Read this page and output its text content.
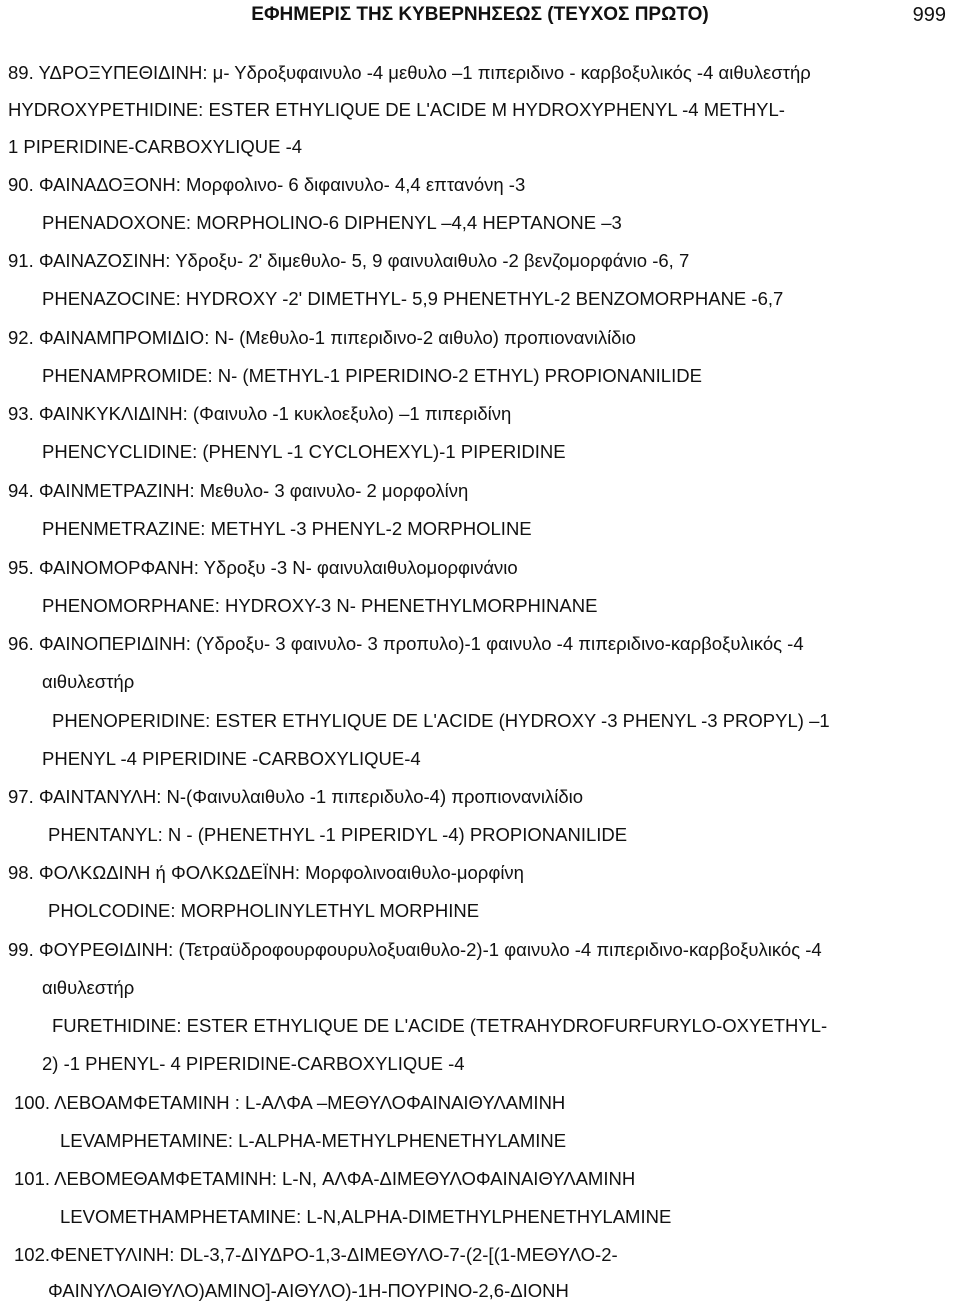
ΕΦΗΜΕΡΙΣ ΤΗΣ ΚΥΒΕΡΝΗΣΕΩΣ (ΤΕΥΧΟΣ ΠΡΩΤΟ)	999
89. ΥΔΡΟΞΥΠΕΘΙΔΙΝΗ: μ- Υδροξυφαινυλο -4 μεθυλο –1 πιπεριδινο - καρβοξυλικός -4 αιθυλεστήρ
HYDROXYPETHIDINE: ESTER ETHYLIQUE DE L'ACIDE M HYDROXYPHENYL -4 METHYL-
1 PIPERIDINE-CARBOXYLIQUE -4
90. ΦΑΙΝΑΔΟΞΟΝΗ: Μορφολινο- 6 διφαινυλο- 4,4 επτανόνη -3
PHENADOXONE: MORPHOLINO-6 DIPHENYL –4,4 HEPTANONE –3
91. ΦΑΙΝΑΖΟΣΙΝΗ: Υδροξυ- 2' διμεθυλο- 5, 9 φαινυλαιθυλο -2 βενζομορφάνιο -6, 7
PHENAZOCINE: HYDROXY -2' DIMETHYL- 5,9 PHENETHYL-2 BENZOMORPHANE -6,7
92. ΦΑΙΝΑΜΠΡΟΜΙΔΙΟ: Ν- (Μεθυλο-1 πιπεριδινο-2 αιθυλο) προπιονανιλίδιο
PHENAMPROMIDE: N- (METHYL-1 PIPERIDINO-2 ETHYL) PROPIONANILIDE
93. ΦΑΙΝΚΥΚΛΙΔΙΝΗ: (Φαινυλο -1 κυκλοεξυλο) –1 πιπεριδίνη
PHENCYCLIDINE: (PHENYL -1 CYCLOHEXYL)-1 PIPERIDINE
94. ΦΑΙΝΜΕΤΡΑΖΙΝΗ: Μεθυλο- 3 φαινυλο- 2 μορφολίνη
PHENMETRAZINE: METHYL -3 PHENYL-2 MORPHOLINE
95. ΦΑΙΝΟΜΟΡΦΑΝΗ: Υδροξυ -3 Ν- φαινυλαιθυλομορφινάνιο
PHENOMORPHANE: HYDROXY-3 N- PHENETHYLMORPHINANE
96. ΦΑΙΝΟΠΕΡΙΔΙΝΗ: (Υδροξυ- 3 φαινυλο- 3 προπυλο)-1 φαινυλο -4 πιπεριδινο-καρβοξυλικός -4
αιθυλεστήρ
PHENOPERIDINE: ESTER ETHYLIQUE DE L'ACIDE (HYDROXY -3 PHENYL -3 PROPYL) –1
PHENYL -4 PIPERIDINE -CARBOXYLIQUE-4
97. ΦΑΙΝΤΑΝΥΛΗ: Ν-(Φαινυλαιθυλο -1 πιπεριδυλο-4) προπιονανιλίδιο
PHENTANYL: N - (PHENETHYL -1 PIPERIDYL -4) PROPIONANILIDE
98. ΦΟΛΚΩΔΙΝΗ ή ΦΟΛΚΩΔΕΪΝΗ: Μορφολινοαιθυλο-μορφίνη
PHOLCODINE: MORPHOLINYLETHYL MORPHINE
99. ΦΟΥΡΕΘΙΔΙΝΗ: (Τετραϋδροφουρφουρυλοξυαιθυλο-2)-1 φαινυλο -4 πιπεριδινο-καρβοξυλικός -4
αιθυλεστήρ
FURETHIDINE: ESTER ETHYLIQUE DE L'ACIDE (TETRAHYDROFURFURYLO-OXYETHYL-
2) -1 PHENYL- 4 PIPERIDINE-CARBOXYLIQUE -4
100. ΛΕΒΟΑΜΦΕΤΑΜΙΝΗ : L-ΑΛΦΑ –ΜΕΘΥΛΟΦΑΙΝΑΙΘΥΛΑΜΙΝΗ
LEVAMPHETAMINE: L-ALPHA-METHYLPHENETHYLAMINE
101. ΛΕΒΟΜΕΘΑΜΦΕΤΑΜΙΝΗ: L-N, ΑΛΦΑ-ΔΙΜΕΘΥΛΟΦΑΙΝΑΙΘΥΛΑΜΙΝΗ
LEVOMETHAMPHETAMINE: L-N,ALPHA-DIMETHYLPHENETHYLAMINE
102.ΦΕΝΕΤΥΛΙΝΗ: DL-3,7-ΔΙΥΔΡΟ-1,3-ΔΙΜΕΘΥΛΟ-7-(2-[(1-ΜΕΘΥΛΟ-2-
ΦΑΙΝΥΛΟΑΙΘΥΛΟ)ΑΜΙΝΟ]-ΑΙΘΥΛΟ)-1Η-ΠΟΥΡΙΝΟ-2,6-ΔΙΟΝΗ
